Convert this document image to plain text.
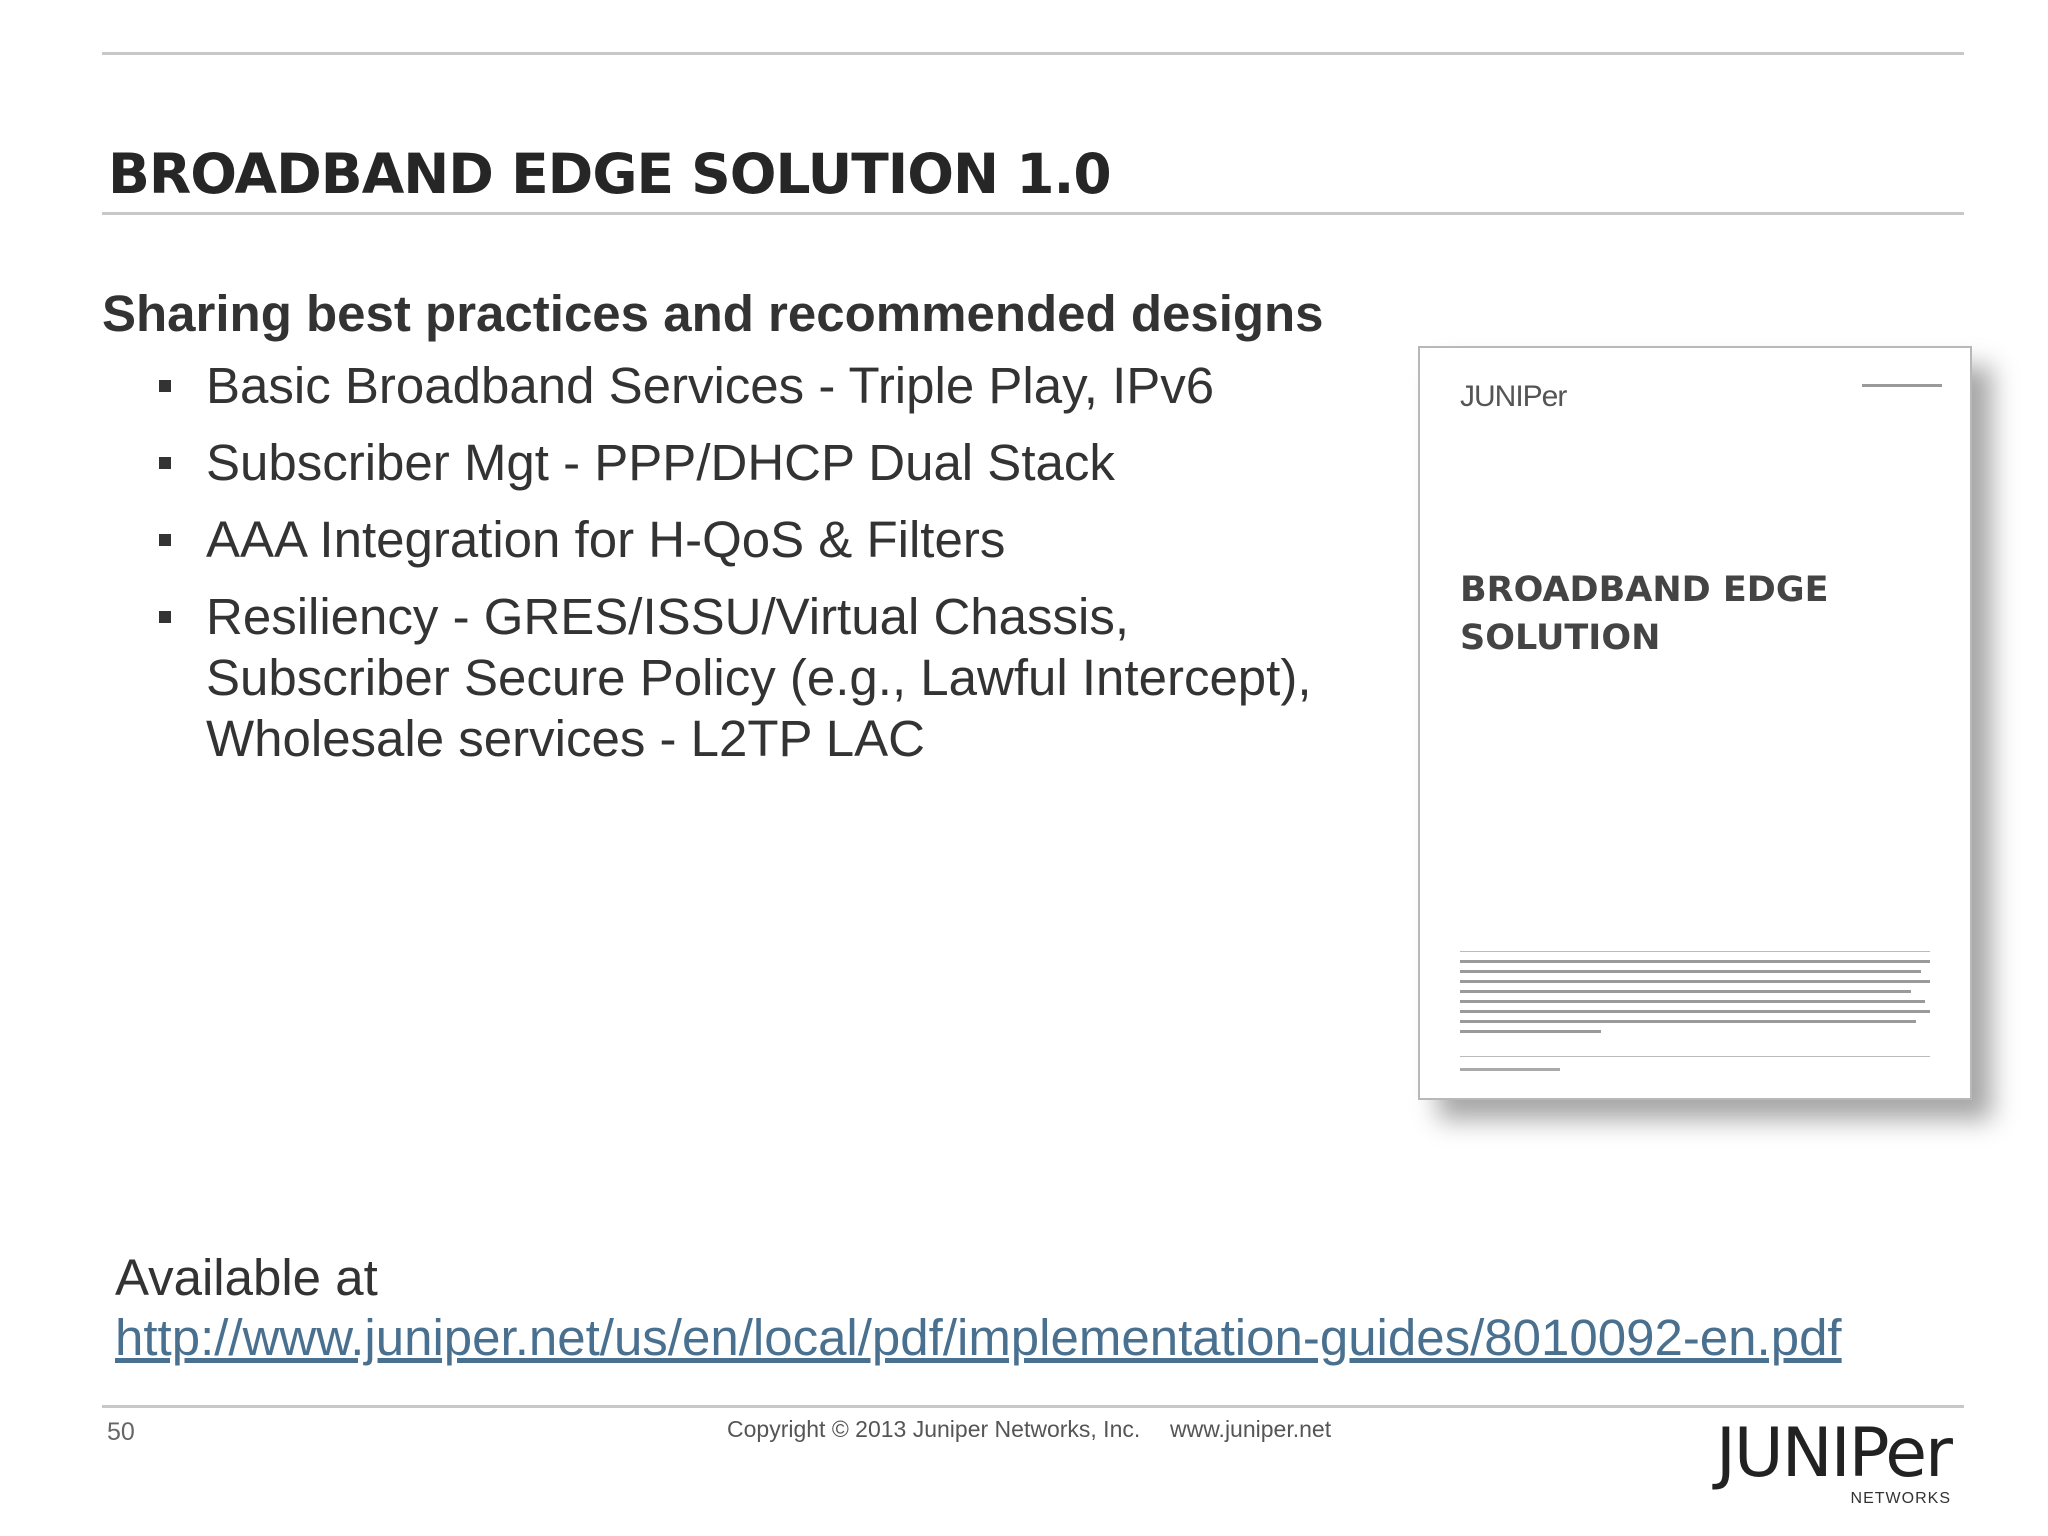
BROADBAND EDGE SOLUTION 1.0
Sharing best practices and recommended designs
Basic Broadband Services - Triple Play, IPv6
Subscriber Mgt - PPP/DHCP Dual Stack
AAA Integration for H-QoS & Filters
Resiliency - GRES/ISSU/Virtual Chassis,
Subscriber Secure Policy (e.g., Lawful Intercept),
Wholesale services - L2TP LAC
JUNIPer
BROADBAND EDGE
SOLUTION
Available at
http://www.juniper.net/us/en/local/pdf/implementation-guides/8010092-en.pdf
50	Copyright © 2013 Juniper Networks, Inc. www.juniper.net	JUNIPer
NETWORKS
